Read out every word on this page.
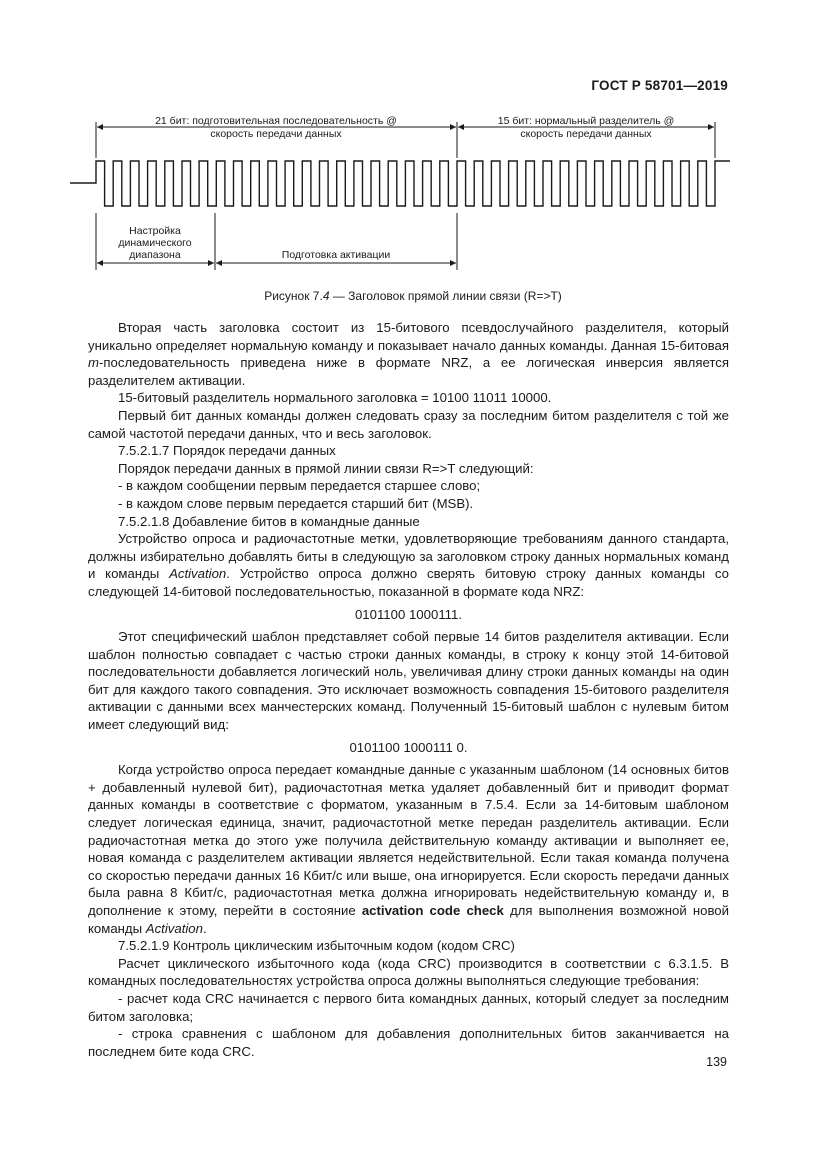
ГОСТ Р 58701—2019
21 бит: подготовительная последовательность @
скорость передачи данных
15 бит: нормальный разделитель @
скорость передачи данных
Настройка
динамического
диапазона	Подготовка активации
Рисунок 7.4 — Заголовок прямой линии связи (R=>T)

Вторая часть заголовка состоит из 15-битового псевдослучайного разделителя, который уникально определяет нормальную команду и показывает начало данных команды. Данная 15-битовая m-последовательность приведена ниже в формате NRZ, а ее логическая инверсия является разделителем активации.

15-битовый разделитель нормального заголовка = 10100 11011 10000.

Первый бит данных команды должен следовать сразу за последним битом разделителя с той же самой частотой передачи данных, что и весь заголовок.

7.5.2.1.7 Порядок передачи данных

Порядок передачи данных в прямой линии связи R=>T следующий:

- в каждом сообщении первым передается старшее слово;

- в каждом слове первым передается старший бит (MSB).

7.5.2.1.8 Добавление битов в командные данные

Устройство опроса и радиочастотные метки, удовлетворяющие требованиям данного стандарта, должны избирательно добавлять биты в следующую за заголовком строку данных нормальных команд и команды Activation. Устройство опроса должно сверять битовую строку данных команды со следующей 14-битовой последовательностью, показанной в формате кода NRZ:

0101100 1000111.

Этот специфический шаблон представляет собой первые 14 битов разделителя активации. Если шаблон полностью совпадает с частью строки данных команды, в строку к концу этой 14-битовой последовательности добавляется логический ноль, увеличивая длину строки данных команды на один бит для каждого такого совпадения. Это исключает возможность совпадения 15-битового разделителя активации с данными всех манчестерских команд. Полученный 15-битовый шаблон с нулевым битом имеет следующий вид:

0101100 1000111 0.

Когда устройство опроса передает командные данные с указанным шаблоном (14 основных битов + добавленный нулевой бит), радиочастотная метка удаляет добавленный бит и приводит формат данных команды в соответствие с форматом, указанным в 7.5.4. Если за 14-битовым шаблоном следует логическая единица, значит, радиочастотной метке передан разделитель активации. Если радиочастотная метка до этого уже получила действительную команду активации и выполняет ее, новая команда с разделителем активации является недействительной. Если такая команда получена со скоростью передачи данных 16 Кбит/с или выше, она игнорируется. Если скорость передачи данных была равна 8 Кбит/с, радиочастотная метка должна игнорировать недействительную команду и, в дополнение к этому, перейти в состояние activation code check для выполнения возможной новой команды Activation.

7.5.2.1.9 Контроль циклическим избыточным кодом (кодом CRC)

Расчет циклического избыточного кода (кода CRC) производится в соответствии с 6.3.1.5. В командных последовательностях устройства опроса должны выполняться следующие требования:

- расчет кода CRC начинается с первого бита командных данных, который следует за последним битом заголовка;

- строка сравнения с шаблоном для добавления дополнительных битов заканчивается на последнем бите кода CRC.

139
